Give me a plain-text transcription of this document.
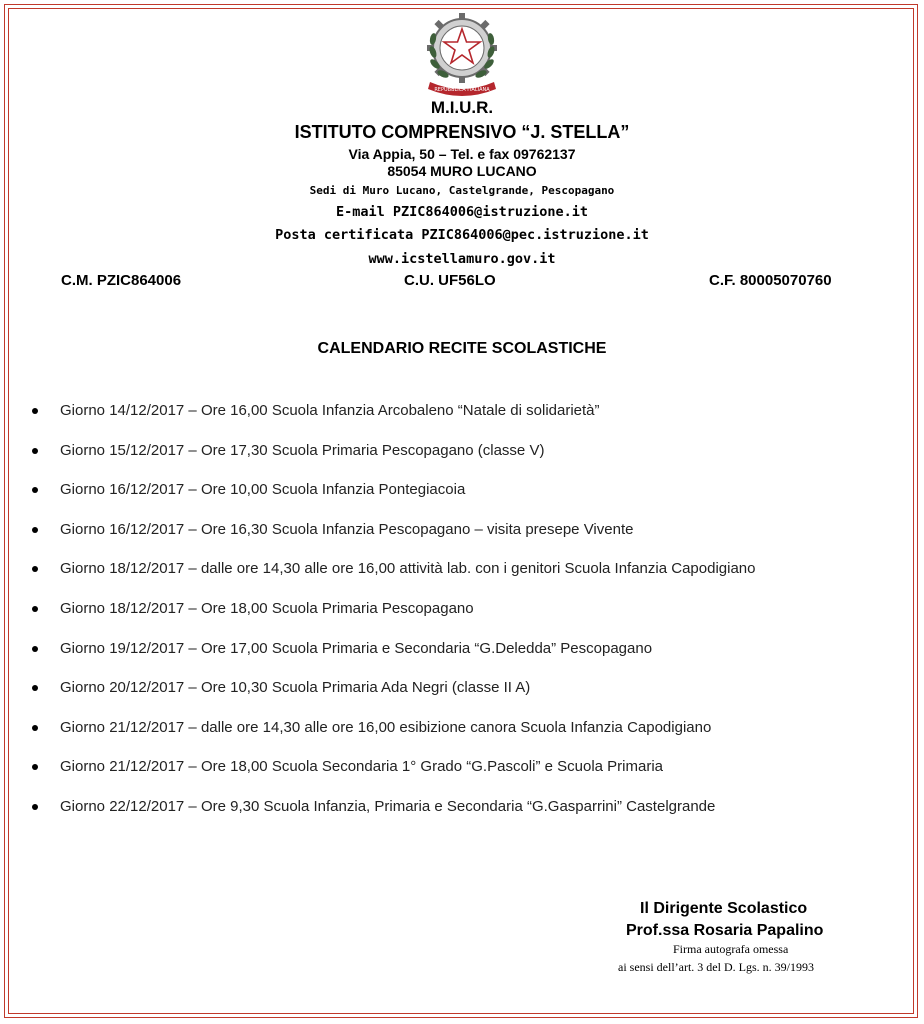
REPUBBLICA ITALIANA
M.I.U.R.
ISTITUTO COMPRENSIVO “J. STELLA”
Via Appia, 50 – Tel. e fax 09762137
85054 MURO LUCANO
Sedi di Muro Lucano, Castelgrande, Pescopagano
E-mail PZIC864006@istruzione.it
Posta certificata PZIC864006@pec.istruzione.it
www.icstellamuro.gov.it
C.M. PZIC864006	C.U. UF56LO	C.F. 80005070760
CALENDARIO RECITE SCOLASTICHE
Giorno 14/12/2017 – Ore 16,00 Scuola Infanzia Arcobaleno “Natale di solidarietà”
Giorno 15/12/2017 – Ore 17,30 Scuola Primaria Pescopagano (classe V)
Giorno 16/12/2017 – Ore 10,00 Scuola Infanzia Pontegiacoia
Giorno 16/12/2017 – Ore 16,30 Scuola Infanzia Pescopagano – visita presepe Vivente
Giorno 18/12/2017 – dalle ore 14,30 alle ore 16,00 attività lab. con i genitori Scuola Infanzia Capodigiano
Giorno 18/12/2017 – Ore 18,00 Scuola Primaria Pescopagano
Giorno 19/12/2017 – Ore 17,00 Scuola Primaria e Secondaria “G.Deledda” Pescopagano
Giorno 20/12/2017 – Ore 10,30 Scuola Primaria Ada Negri (classe II A)
Giorno 21/12/2017 – dalle ore 14,30 alle ore 16,00 esibizione canora Scuola Infanzia Capodigiano
Giorno 21/12/2017 – Ore 18,00 Scuola Secondaria 1° Grado “G.Pascoli” e Scuola Primaria
Giorno 22/12/2017 – Ore 9,30 Scuola Infanzia, Primaria e Secondaria “G.Gasparrini” Castelgrande
Il Dirigente Scolastico
Prof.ssa Rosaria Papalino
Firma autografa omessa
ai sensi dell’art. 3 del D. Lgs. n. 39/1993
